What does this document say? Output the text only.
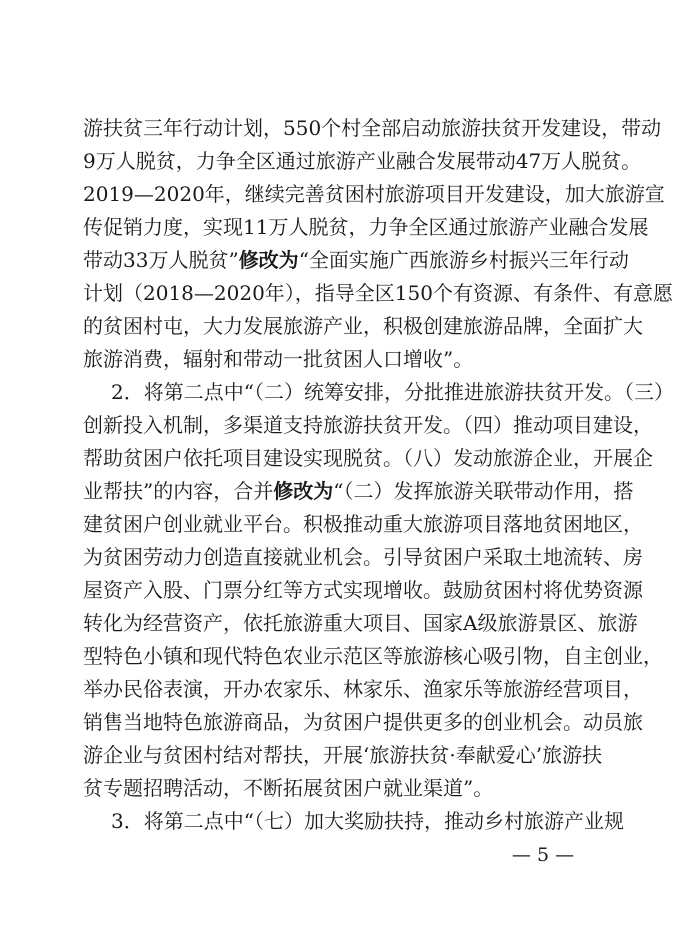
游扶贫三年行动计划，550个村全部启动旅游扶贫开发建设，带动
9万人脱贫，力争全区通过旅游产业融合发展带动47万人脱贫。
2019—2020年，继续完善贫困村旅游项目开发建设，加大旅游宣
传促销力度，实现11万人脱贫，力争全区通过旅游产业融合发展
带动33万人脱贫”修改为“全面实施广西旅游乡村振兴三年行动
计划（2018—2020年），指导全区150个有资源、有条件、有意愿
的贫困村屯，大力发展旅游产业，积极创建旅游品牌，全面扩大
旅游消费，辐射和带动一批贫困人口增收”。
2．将第二点中“（二）统筹安排，分批推进旅游扶贫开发。（三）
创新投入机制，多渠道支持旅游扶贫开发。（四）推动项目建设，
帮助贫困户依托项目建设实现脱贫。（八）发动旅游企业，开展企
业帮扶”的内容，合并修改为“（二）发挥旅游关联带动作用，搭
建贫困户创业就业平台。积极推动重大旅游项目落地贫困地区，
为贫困劳动力创造直接就业机会。引导贫困户采取土地流转、房
屋资产入股、门票分红等方式实现增收。鼓励贫困村将优势资源
转化为经营资产，依托旅游重大项目、国家A级旅游景区、旅游
型特色小镇和现代特色农业示范区等旅游核心吸引物，自主创业，
举办民俗表演，开办农家乐、林家乐、渔家乐等旅游经营项目，
销售当地特色旅游商品，为贫困户提供更多的创业机会。动员旅
游企业与贫困村结对帮扶，开展‘旅游扶贫·奉献爱心’旅游扶
贫专题招聘活动，不断拓展贫困户就业渠道”。
3．将第二点中“（七）加大奖励扶持，推动乡村旅游产业规
— 5 —
